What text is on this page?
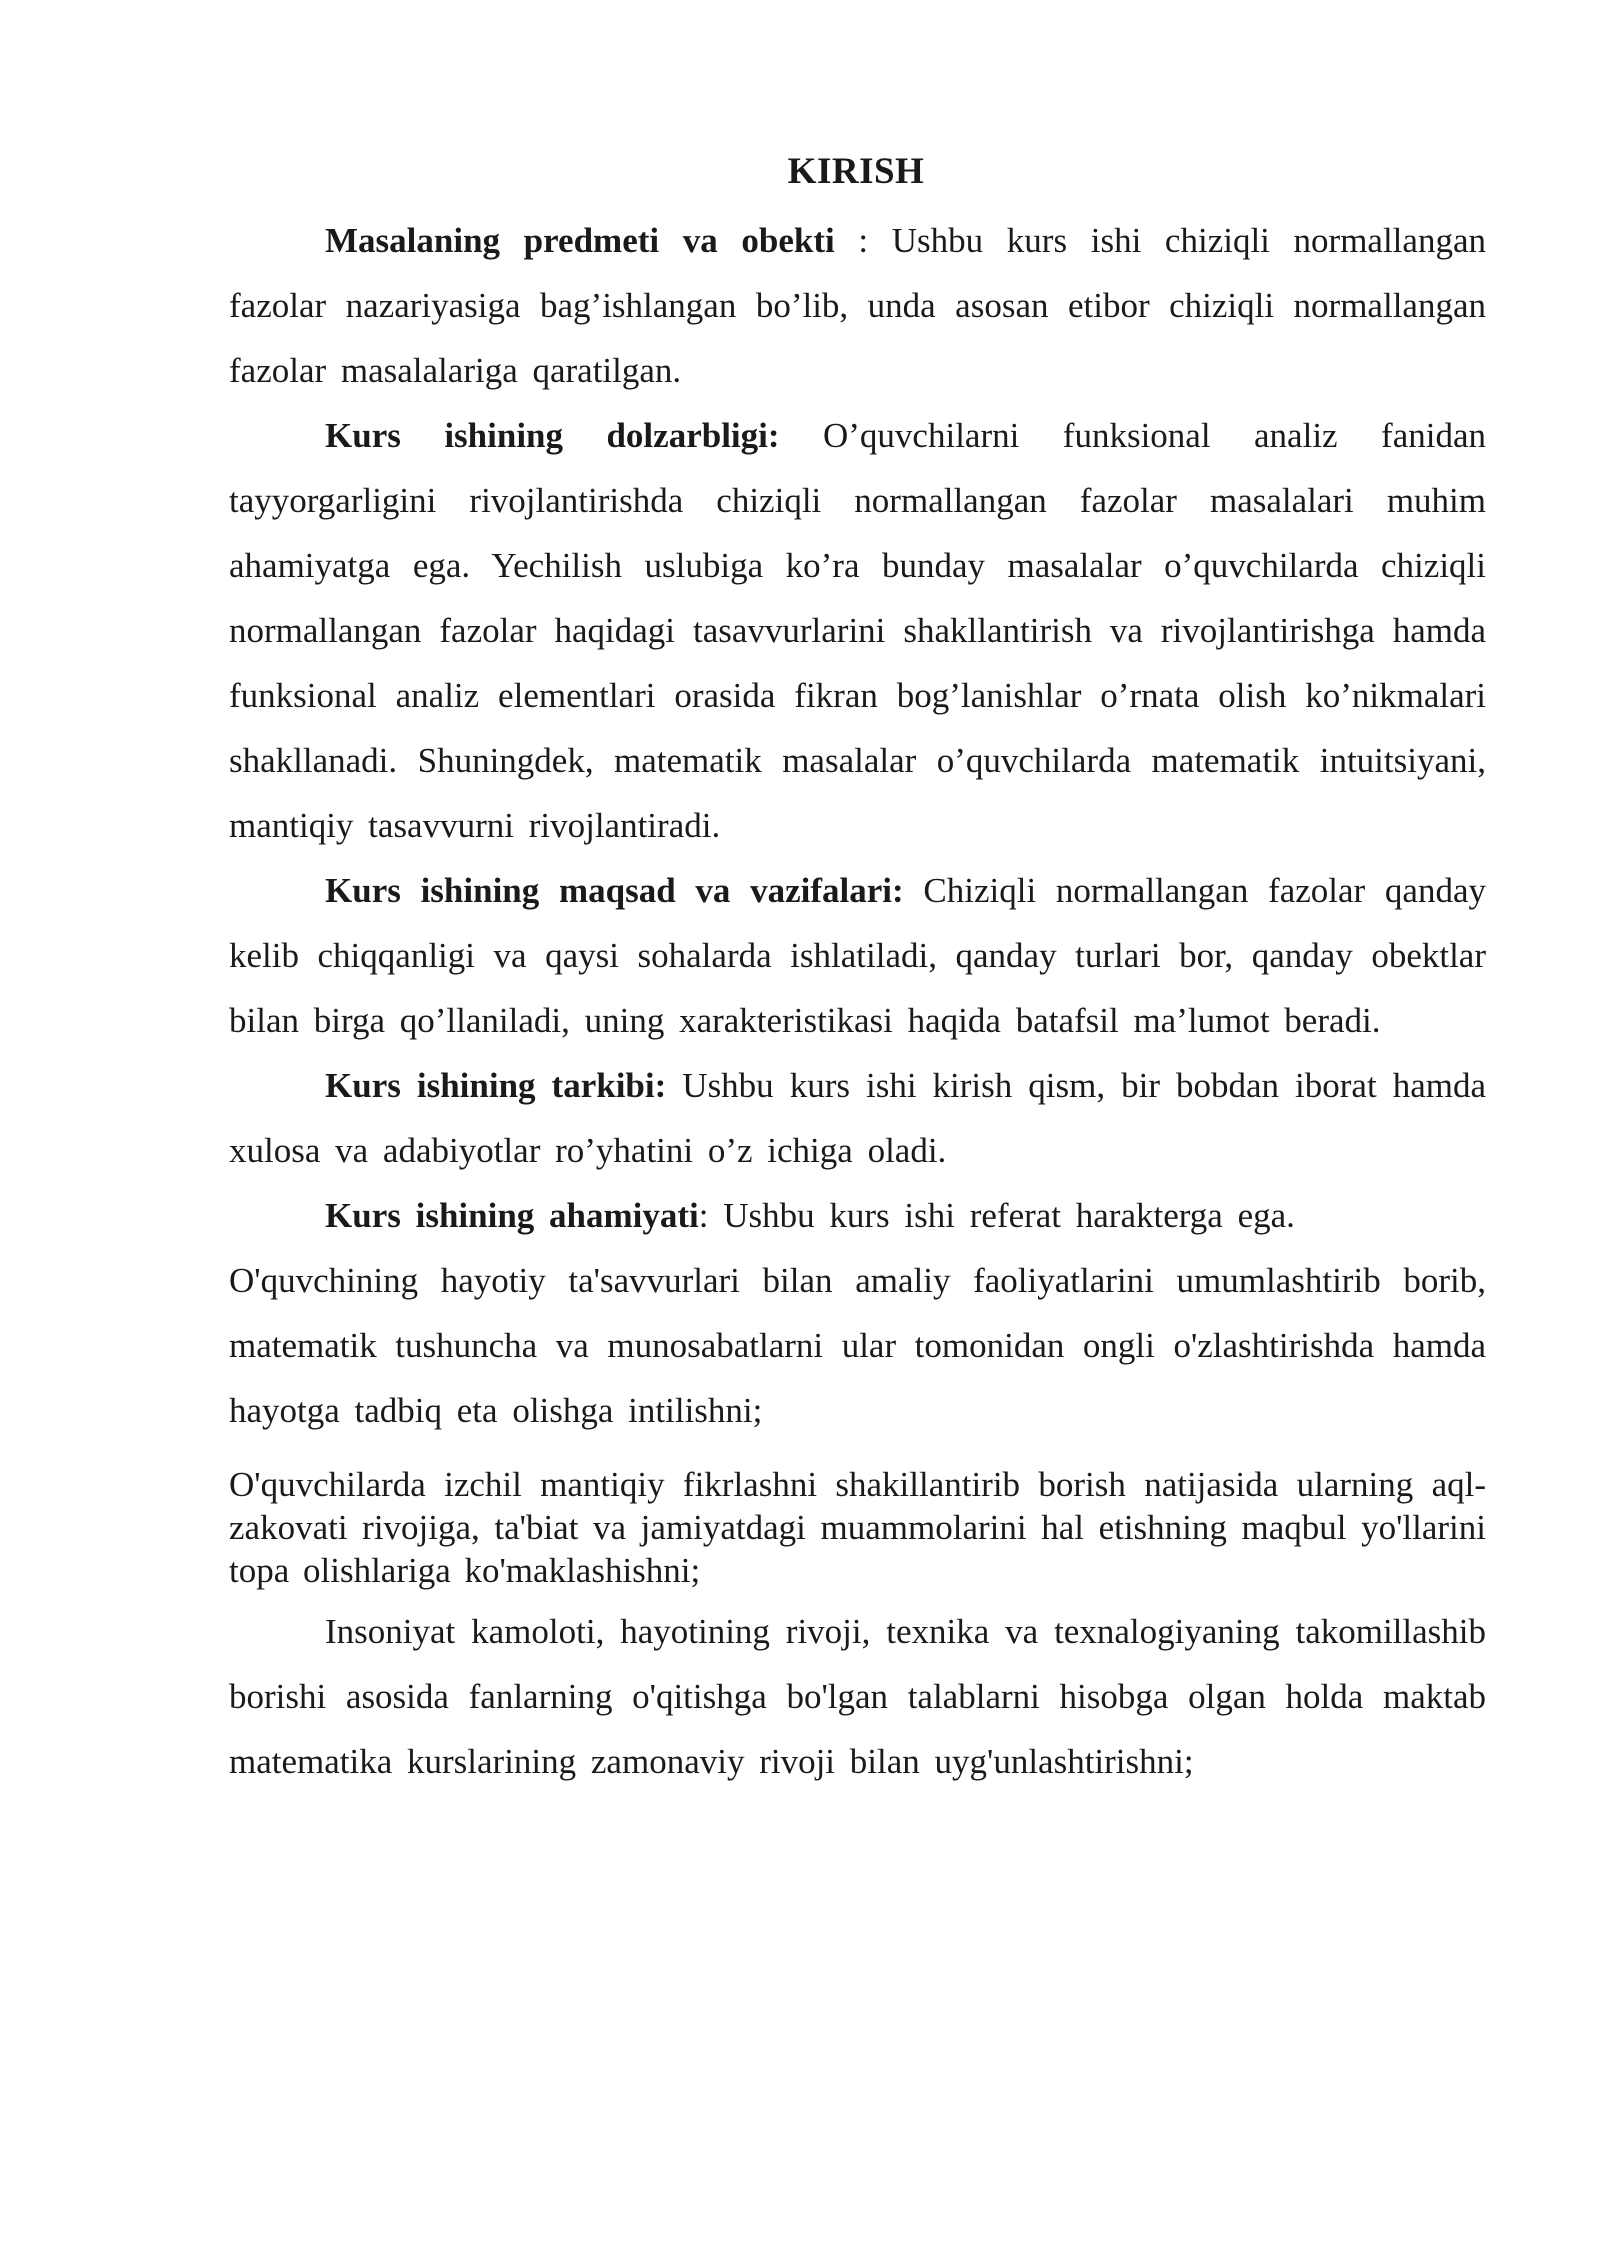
KIRISH

Masalaning predmeti va obekti : Ushbu kurs ishi chiziqli normallangan fazolar nazariyasiga bag’ishlangan bo’lib, unda asosan etibor chiziqli normallangan fazolar masalalariga qaratilgan.

Kurs ishining dolzarbligi: O’quvchilarni funksional analiz fanidan tayyorgarligini rivojlantirishda chiziqli normallangan fazolar masalalari muhim ahamiyatga ega. Yechilish uslubiga ko’ra bunday masalalar o’quvchilarda chiziqli normallangan fazolar haqidagi tasavvurlarini shakllantirish va rivojlantirishga hamda funksional analiz elementlari orasida fikran bog’lanishlar o’rnata olish ko’nikmalari shakllanadi. Shuningdek, matematik masalalar o’quvchilarda matematik intuitsiyani, mantiqiy tasavvurni rivojlantiradi.

Kurs ishining maqsad va vazifalari: Chiziqli normallangan fazolar qanday kelib chiqqanligi va qaysi sohalarda ishlatiladi, qanday turlari bor, qanday obektlar bilan birga qo’llaniladi, uning xarakteristikasi haqida batafsil ma’lumot beradi.

Kurs ishining tarkibi: Ushbu kurs ishi kirish qism, bir bobdan iborat hamda xulosa va adabiyotlar ro’yhatini o’z ichiga oladi.

Kurs ishining ahamiyati: Ushbu kurs ishi referat harakterga ega.

O'quvchining hayotiy ta'savvurlari bilan amaliy faoliyatlarini umumlashtirib borib, matematik tushuncha va munosabatlarni ular tomonidan ongli o'zlashtirishda hamda hayotga tadbiq eta olishga intilishni;

O'quvchilarda izchil mantiqiy fikrlashni shakillantirib borish natijasida ularning aql-zakovati rivojiga, ta'biat va jamiyatdagi muammolarini hal etishning maqbul yo'llarini topa olishlariga ko'maklashishni;

Insoniyat kamoloti, hayotining rivoji, texnika va texnalogiyaning takomillashib borishi asosida fanlarning o'qitishga bo'lgan talablarni hisobga olgan holda maktab matematika kurslarining zamonaviy rivoji bilan uyg'unlashtirishni;
